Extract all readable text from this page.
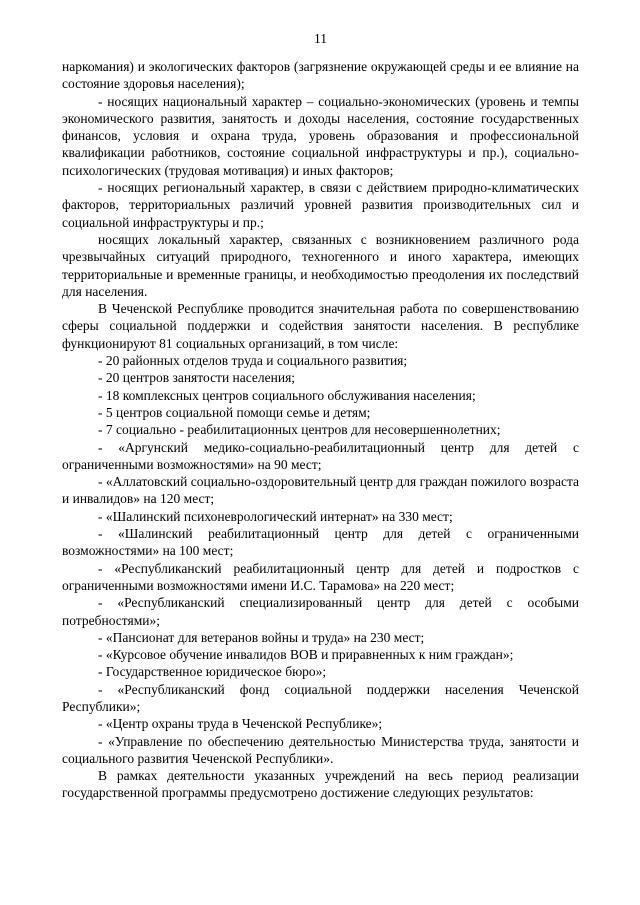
11

наркомания) и экологических факторов (загрязнение окружающей среды и ее влияние на состояние здоровья населения);

- носящих национальный характер – социально-экономических (уровень и темпы экономического развития, занятость и доходы населения, состояние государственных финансов, условия и охрана труда, уровень образования и профессиональной квалификации работников, состояние социальной инфраструктуры и пр.), социально-психологических (трудовая мотивация) и иных факторов;

- носящих региональный характер, в связи с действием природно-климатических факторов, территориальных различий уровней развития производительных сил и социальной инфраструктуры и пр.;

носящих локальный характер, связанных с возникновением различного рода чрезвычайных ситуаций природного, техногенного и иного характера, имеющих территориальные и временные границы, и необходимостью преодоления их последствий для населения.

В Чеченской Республике проводится значительная работа по совершенствованию сферы социальной поддержки и содействия занятости населения. В республике функционируют 81 социальных организаций, в том числе:

- 20 районных отделов труда и социального развития;

- 20 центров занятости населения;

- 18 комплексных центров социального обслуживания населения;

- 5 центров социальной помощи семье и детям;

- 7 социально - реабилитационных центров для несовершеннолетних;

- «Аргунский медико-социально-реабилитационный центр для детей с ограниченными возможностями» на 90 мест;

- «Аллатовский социально-оздоровительный центр для граждан пожилого возраста и инвалидов» на 120 мест;

- «Шалинский психоневрологический интернат» на 330 мест;

- «Шалинский реабилитационный центр для детей с ограниченными возможностями» на 100 мест;

- «Республиканский реабилитационный центр для детей и подростков с ограниченными возможностями имени И.С. Тарамова» на 220 мест;

- «Республиканский специализированный центр для детей с особыми потребностями»;

- «Пансионат для ветеранов войны и труда» на 230 мест;

- «Курсовое обучение инвалидов ВОВ и приравненных к ним граждан»;

- Государственное юридическое бюро»;

- «Республиканский фонд социальной поддержки населения Чеченской Республики»;

- «Центр охраны труда в Чеченской Республике»;

- «Управление по обеспечению деятельностью Министерства труда, занятости и социального развития Чеченской Республики».

В рамках деятельности указанных учреждений на весь период реализации государственной программы предусмотрено достижение следующих результатов:
